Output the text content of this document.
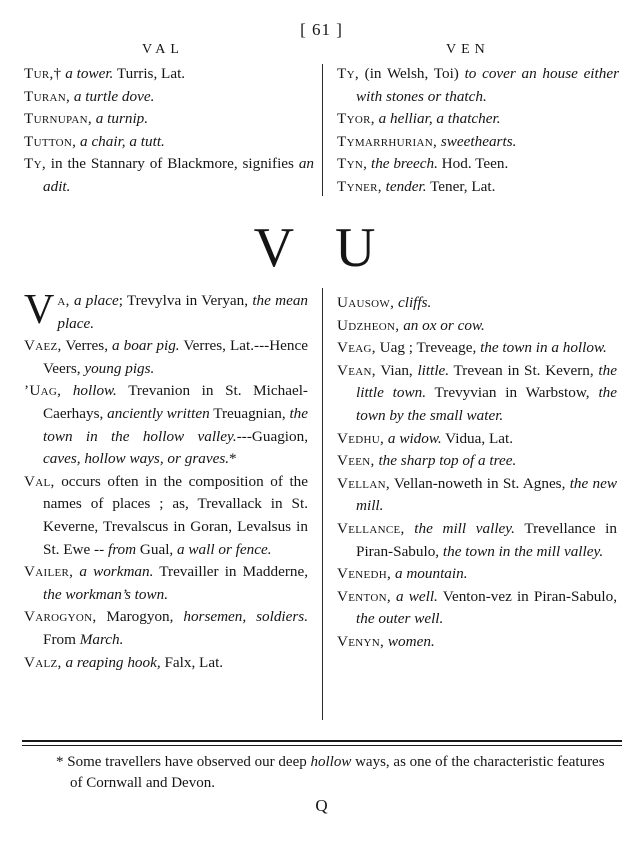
[ 61 ]
VAL	VEN
Tur,† a tower. Turris, Lat.
Turan, a turtle dove.
Turnupan, a turnip.
Tutton, a chair, a tutt.
Ty, in the Stannary of Blackmore, signifies an adit.
Ty, (in Welsh, Toi) to cover an house either with stones or thatch.
Tyor, a helliar, a thatcher.
Tymarrhurian, sweethearts.
Tyn, the breech. Hod. Teen.
Tyner, tender. Tener, Lat.
V U
Va, a place; Trevylva in Veryan, the mean place.
Vaez, Verres, a boar pig. Verres, Lat.---Hence Veers, young pigs.
’Uag, hollow. Trevanion in St. Michael-Caerhays, anciently written Treuagnian, the town in the hollow valley.---Guagion, caves, hollow ways, or graves.*
Val, occurs often in the composition of the names of places ; as, Trevallack in St. Keverne, Trevalscus in Goran, Levalsus in St. Ewe -- from Gual, a wall or fence.
Vailer, a workman. Trevailler in Madderne, the workman’s town.
Varogyon, Marogyon, horsemen, soldiers. From March.
Valz, a reaping hook, Falx, Lat.
Uausow, cliffs.
Udzheon, an ox or cow.
Veag, Uag ; Treveage, the town in a hollow.
Vean, Vian, little. Trevean in St. Kevern, the little town. Trevyvian in Warbstow, the town by the small water.
Vedhu, a widow. Vidua, Lat.
Veen, the sharp top of a tree.
Vellan, Vellan-noweth in St. Agnes, the new mill.
Vellance, the mill valley. Trevellance in Piran-Sabulo, the town in the mill valley.
Venedh, a mountain.
Venton, a well. Venton-vez in Piran-Sabulo, the outer well.
Venyn, women.
* Some travellers have observed our deep hollow ways, as one of the characteristic features of Cornwall and Devon.
Q
